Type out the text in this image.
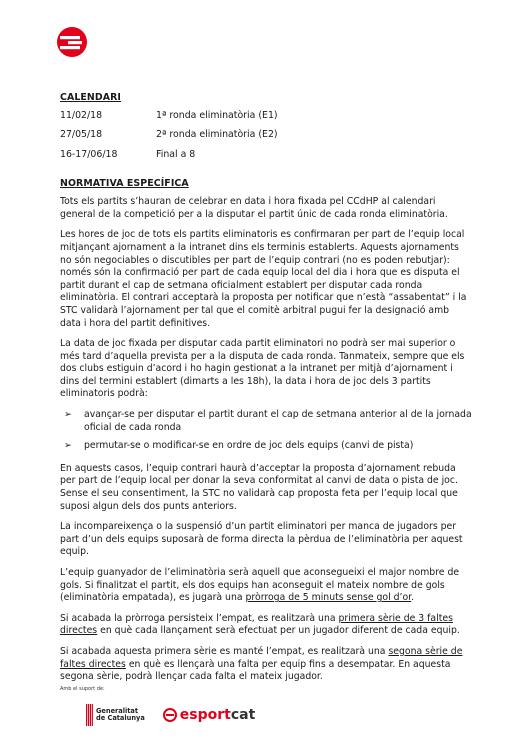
CALENDARI
11/02/18	1ª ronda eliminatòria (E1)
27/05/18	2ª ronda eliminatòria (E2)
16-17/06/18	Final a 8
NORMATIVA ESPECÍFICA

Tots els partits s’hauran de celebrar en data i hora fixada pel CCdHP al calendari general de la competició per a la disputar el partit únic de cada ronda eliminatòria.

Les hores de joc de tots els partits eliminatoris es confirmaran per part de l’equip local mitjançant ajornament a la intranet dins els terminis establerts. Aquests ajornaments no són negociables o discutibles per part de l’equip contrari (no es poden rebutjar): només són la confirmació per part de cada equip local del dia i hora que es disputa el partit durant el cap de setmana oficialment establert per disputar cada ronda eliminatòria. El contrari acceptarà la proposta per notificar que n’està “assabentat” i la STC validarà l’ajornament per tal que el comitè arbitral pugui fer la designació amb data i hora del partit definitives.

La data de joc fixada per disputar cada partit eliminatori no podrà ser mai superior o més tard d’aquella prevista per a la disputa de cada ronda. Tanmateix, sempre que els dos clubs estiguin d’acord i ho hagin gestionat a la intranet per mitjà d’ajornament i dins del termini establert (dimarts a les 18h), la data i hora de joc dels 3 partits eliminatoris podrà:

➢	avançar-se per disputar el partit durant el cap de setmana anterior al de la jornada oficial de cada ronda
➢	permutar-se o modificar-se en ordre de joc dels equips (canvi de pista)

En aquests casos, l’equip contrari haurà d’acceptar la proposta d’ajornament rebuda per part de l’equip local per donar la seva conformitat al canvi de data o pista de joc. Sense el seu consentiment, la STC no validarà cap proposta feta per l’equip local que suposi algun dels dos punts anteriors.

La incompareixença o la suspensió d’un partit eliminatori per manca de jugadors per part d’un dels equips suposarà de forma directa la pèrdua de l’eliminatòria per aquest equip.

L’equip guanyador de l’eliminatòria serà aquell que aconsegueixi el major nombre de gols. Si finalitzat el partit, els dos equips han aconseguit el mateix nombre de gols (eliminatòria empatada), es jugarà una pròrroga de 5 minuts sense gol d’or.

Si acabada la pròrroga persisteix l’empat, es realitzarà una primera sèrie de 3 faltes directes en què cada llançament serà efectuat per un jugador diferent de cada equip.

Si acabada aquesta primera sèrie es manté l’empat, es realitzarà una segona sèrie de faltes directes en què es llençarà una falta per equip fins a desempatar. En aquesta segona sèrie, podrà llençar cada falta el mateix jugador.

Amb el suport de:
Generalitat
de Catalunya	esport cat
